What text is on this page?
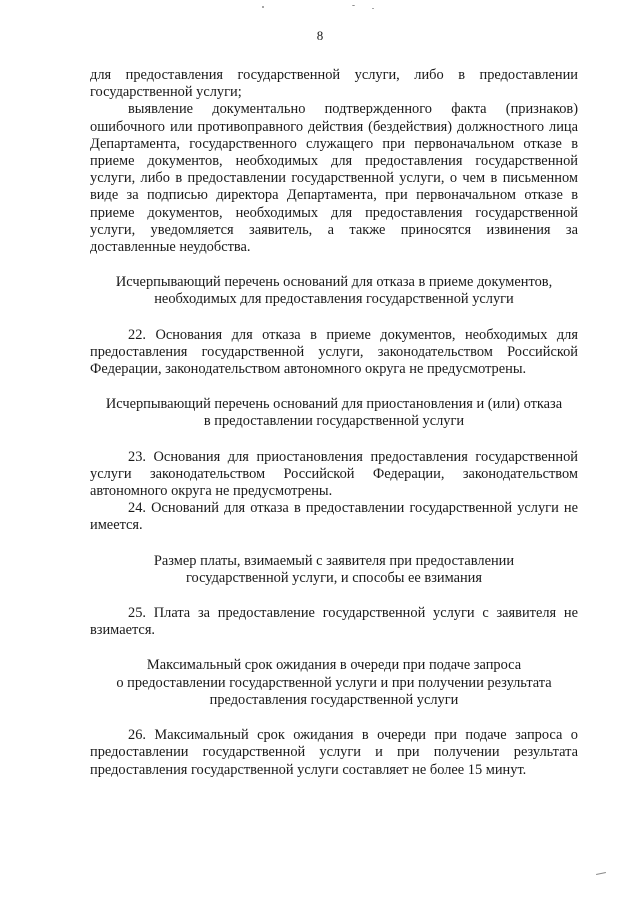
8

для предоставления государственной услуги, либо в предоставлении государственной услуги;

выявление документально подтвержденного факта (признаков) ошибочного или противоправного действия (бездействия) должностного лица Департамента, государственного служащего при первоначальном отказе в приеме документов, необходимых для предоставления государственной услуги, либо в предоставлении государственной услуги, о чем в письменном виде за подписью директора Департамента, при первоначальном отказе в приеме документов, необходимых для предоставления государственной услуги, уведомляется заявитель, а также приносятся извинения за доставленные неудобства.

Исчерпывающий перечень оснований для отказа в приеме документов,
необходимых для предоставления государственной услуги

22. Основания для отказа в приеме документов, необходимых для предоставления государственной услуги, законодательством Российской Федерации, законодательством автономного округа не предусмотрены.

Исчерпывающий перечень оснований для приостановления и (или) отказа
в предоставлении государственной услуги

23. Основания для приостановления предоставления государственной услуги законодательством Российской Федерации, законодательством автономного округа не предусмотрены.

24. Оснований для отказа в предоставлении государственной услуги не имеется.

Размер платы, взимаемый с заявителя при предоставлении
государственной услуги, и способы ее взимания

25. Плата за предоставление государственной услуги с заявителя не взимается.

Максимальный срок ожидания в очереди при подаче запроса
о предоставлении государственной услуги и при получении результата
предоставления государственной услуги

26. Максимальный срок ожидания в очереди при подаче запроса о предоставлении государственной услуги и при получении результата предоставления государственной услуги составляет не более 15 минут.
